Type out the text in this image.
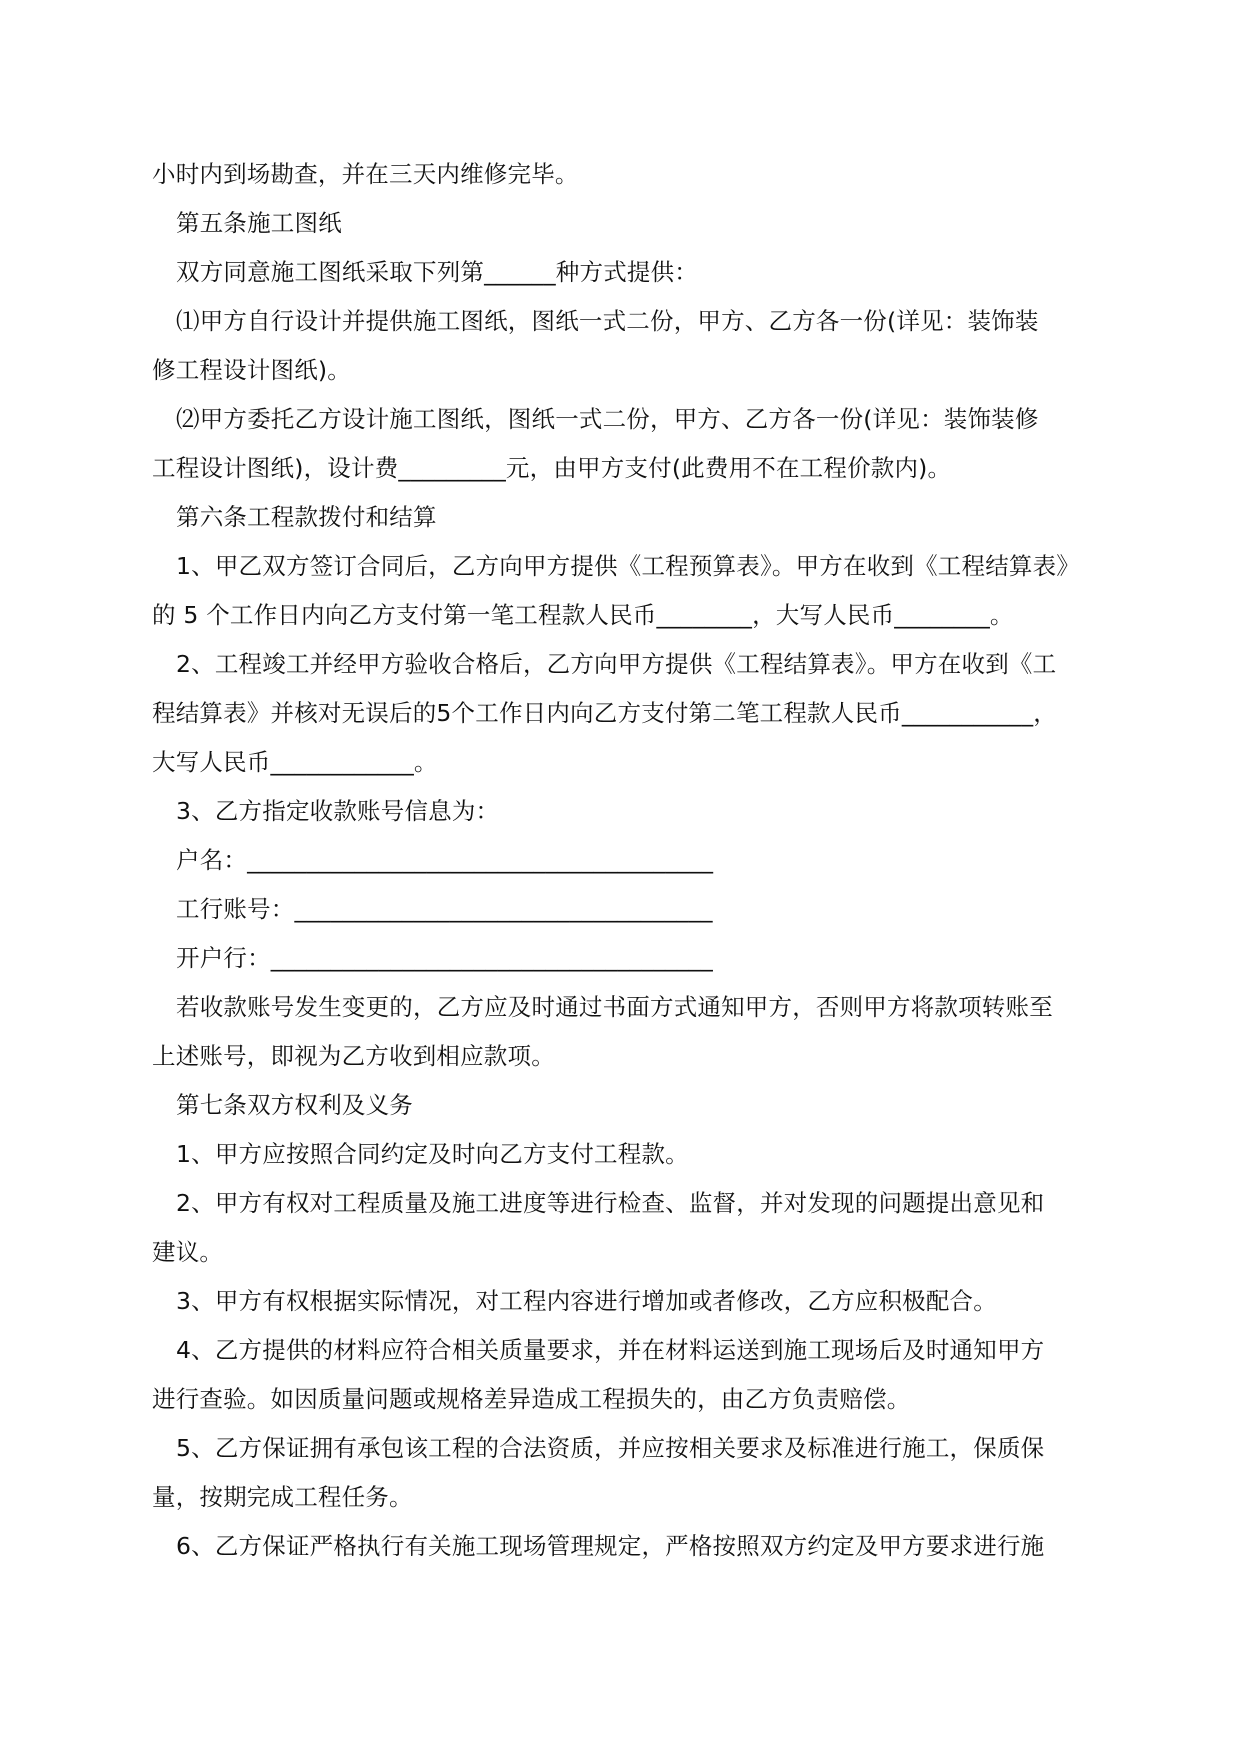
小时内到场勘查，并在三天内维修完毕。
第五条施工图纸
双方同意施工图纸采取下列第______种方式提供：
⑴甲方自行设计并提供施工图纸，图纸一式二份，甲方、乙方各一份(详见：装饰装
修工程设计图纸)。
⑵甲方委托乙方设计施工图纸，图纸一式二份，甲方、乙方各一份(详见：装饰装修
工程设计图纸)，设计费_________元，由甲方支付(此费用不在工程价款内)。
第六条工程款拨付和结算
1、甲乙双方签订合同后，乙方向甲方提供《工程预算表》。甲方在收到《工程结算表》
的 5 个工作日内向乙方支付第一笔工程款人民币________，大写人民币________。
2、工程竣工并经甲方验收合格后，乙方向甲方提供《工程结算表》。甲方在收到《工
程结算表》并核对无误后的5个工作日内向乙方支付第二笔工程款人民币___________，
大写人民币____________。
3、乙方指定收款账号信息为：
户名：_______________________________________
工行账号：___________________________________
开户行：_____________________________________
若收款账号发生变更的，乙方应及时通过书面方式通知甲方，否则甲方将款项转账至
上述账号，即视为乙方收到相应款项。
第七条双方权利及义务
1、甲方应按照合同约定及时向乙方支付工程款。
2、甲方有权对工程质量及施工进度等进行检查、监督，并对发现的问题提出意见和
建议。
3、甲方有权根据实际情况，对工程内容进行增加或者修改，乙方应积极配合。
4、乙方提供的材料应符合相关质量要求，并在材料运送到施工现场后及时通知甲方
进行查验。如因质量问题或规格差异造成工程损失的，由乙方负责赔偿。
5、乙方保证拥有承包该工程的合法资质，并应按相关要求及标准进行施工，保质保
量，按期完成工程任务。
6、乙方保证严格执行有关施工现场管理规定，严格按照双方约定及甲方要求进行施
